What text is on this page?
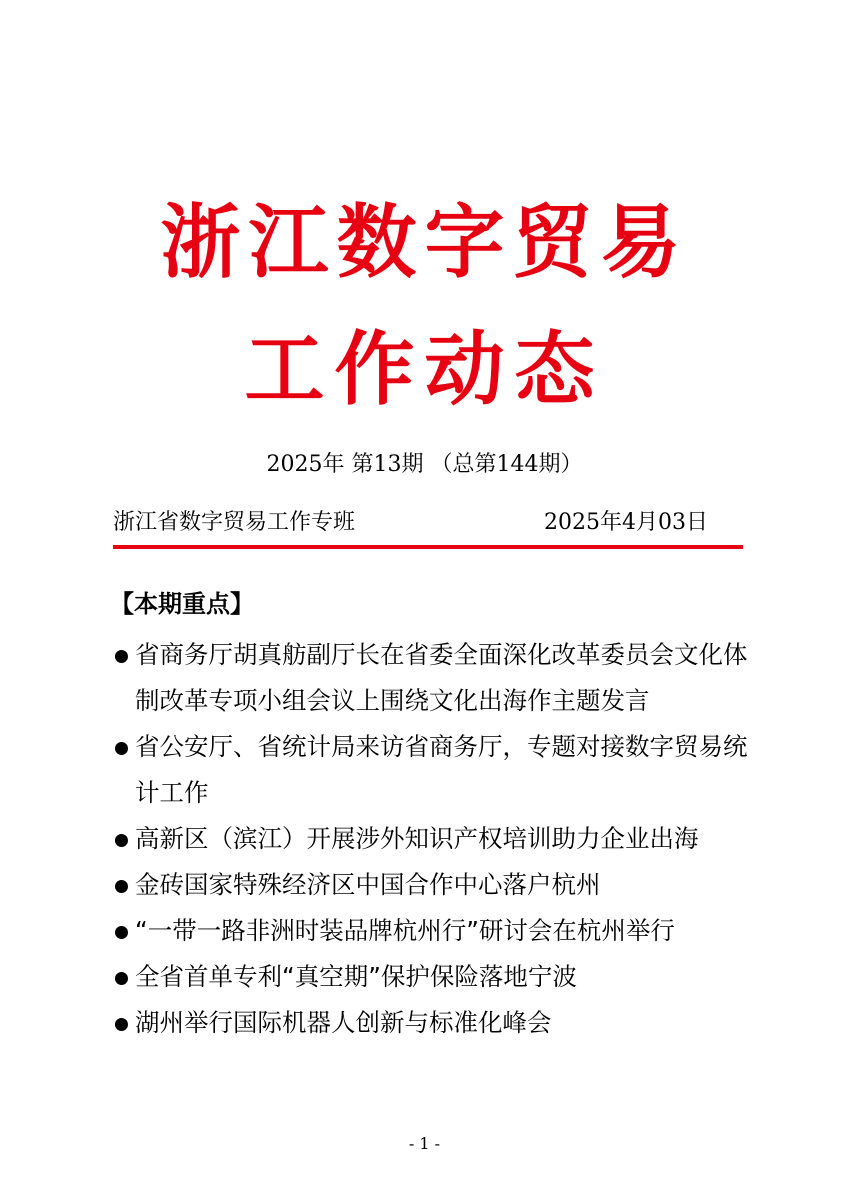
浙江数字贸易
工作动态
2025年 第13期 （总第144期）
浙江省数字贸易工作专班	2025年4月03日
【本期重点】
省商务厅胡真舫副厅长在省委全面深化改革委员会文化体制改革专项小组会议上围绕文化出海作主题发言
省公安厅、省统计局来访省商务厅，专题对接数字贸易统计工作
高新区（滨江）开展涉外知识产权培训助力企业出海
金砖国家特殊经济区中国合作中心落户杭州
“一带一路非洲时装品牌杭州行”研讨会在杭州举行
全省首单专利“真空期”保护保险落地宁波
湖州举行国际机器人创新与标准化峰会
- 1 -
